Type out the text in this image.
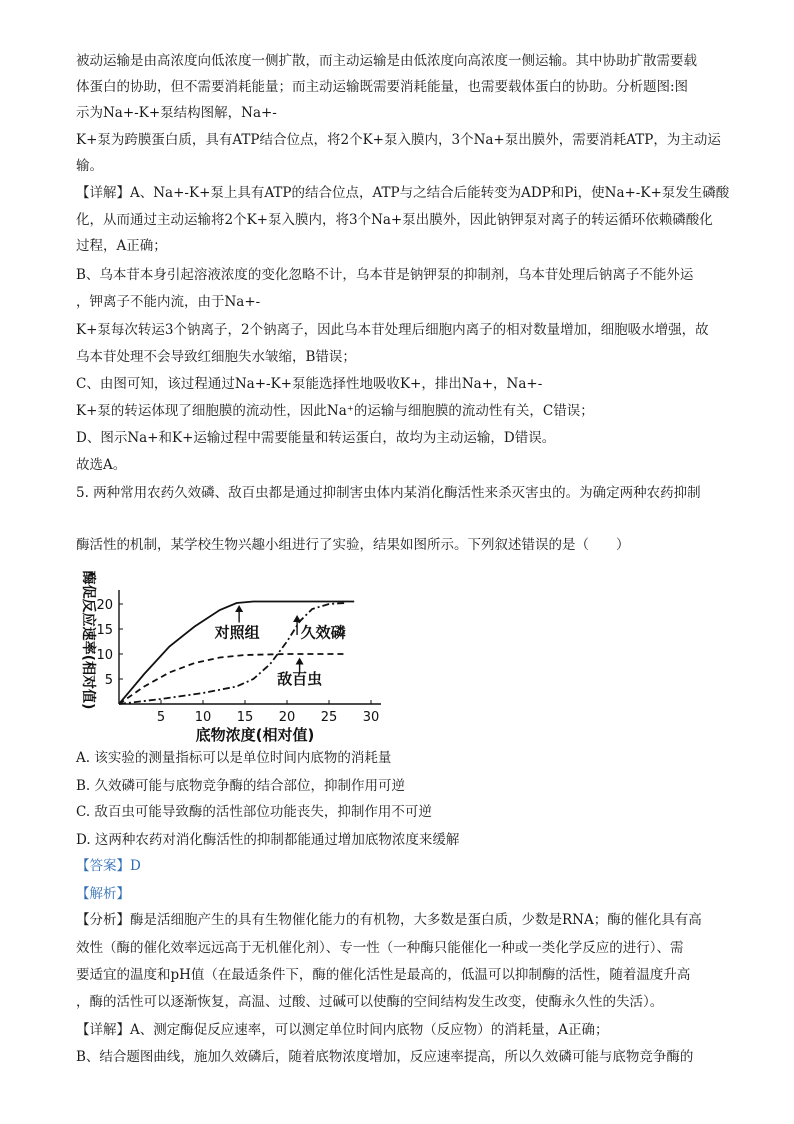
被动运输是由高浓度向低浓度一侧扩散，而主动运输是由低浓度向高浓度一侧运输。其中协助扩散需要载
体蛋白的协助，但不需要消耗能量；而主动运输既需要消耗能量，也需要载体蛋白的协助。分析题图:图
示为Na+-K+泵结构图解，Na+-
K+泵为跨膜蛋白质，具有ATP结合位点，将2个K+泵入膜内，3个Na+泵出膜外，需要消耗ATP，为主动运
输。
【详解】A、Na+-K+泵上具有ATP的结合位点，ATP与之结合后能转变为ADP和Pi，使Na+-K+泵发生磷酸
化，从而通过主动运输将2个K+泵入膜内，将3个Na+泵出膜外，因此钠钾泵对离子的转运循环依赖磷酸化
过程，A正确；
B、乌本苷本身引起溶液浓度的变化忽略不计，乌本苷是钠钾泵的抑制剂，乌本苷处理后钠离子不能外运
，钾离子不能内流，由于Na+-
K+泵每次转运3个钠离子，2个钠离子，因此乌本苷处理后细胞内离子的相对数量增加，细胞吸水增强，故
乌本苷处理不会导致红细胞失水皱缩，B错误；
C、由图可知，该过程通过Na+-K+泵能选择性地吸收K+，排出Na+，Na+-
K+泵的转运体现了细胞膜的流动性，因此Na⁺的运输与细胞膜的流动性有关，C错误；
D、图示Na+和K+运输过程中需要能量和转运蛋白，故均为主动运输，D错误。
故选A。
5. 两种常用农药久效磷、敌百虫都是通过抑制害虫体内某消化酶活性来杀灭害虫的。为确定两种农药抑制
酶活性的机制，某学校生物兴趣小组进行了实验，结果如图所示。下列叙述错误的是（　　）
A. 该实验的测量指标可以是单位时间内底物的消耗量
B. 久效磷可能与底物竞争酶的结合部位，抑制作用可逆
C. 敌百虫可能导致酶的活性部位功能丧失，抑制作用不可逆
D. 这两种农药对消化酶活性的抑制都能通过增加底物浓度来缓解
【答案】D
【解析】
【分析】酶是活细胞产生的具有生物催化能力的有机物，大多数是蛋白质，少数是RNA；酶的催化具有高
效性（酶的催化效率远远高于无机催化剂）、专一性（一种酶只能催化一种或一类化学反应的进行）、需
要适宜的温度和pH值（在最适条件下，酶的催化活性是最高的，低温可以抑制酶的活性，随着温度升高
，酶的活性可以逐渐恢复，高温、过酸、过碱可以使酶的空间结构发生改变，使酶永久性的失活）。
【详解】A、测定酶促反应速率，可以测定单位时间内底物（反应物）的消耗量，A正确；
B、结合题图曲线，施加久效磷后，随着底物浓度增加，反应速率提高，所以久效磷可能与底物竞争酶的
5 10 15 20 25 30
5
10
15
20
底物浓度(相对值)
酶促反应速率(相对值)	对照组	久效磷
敌百虫
